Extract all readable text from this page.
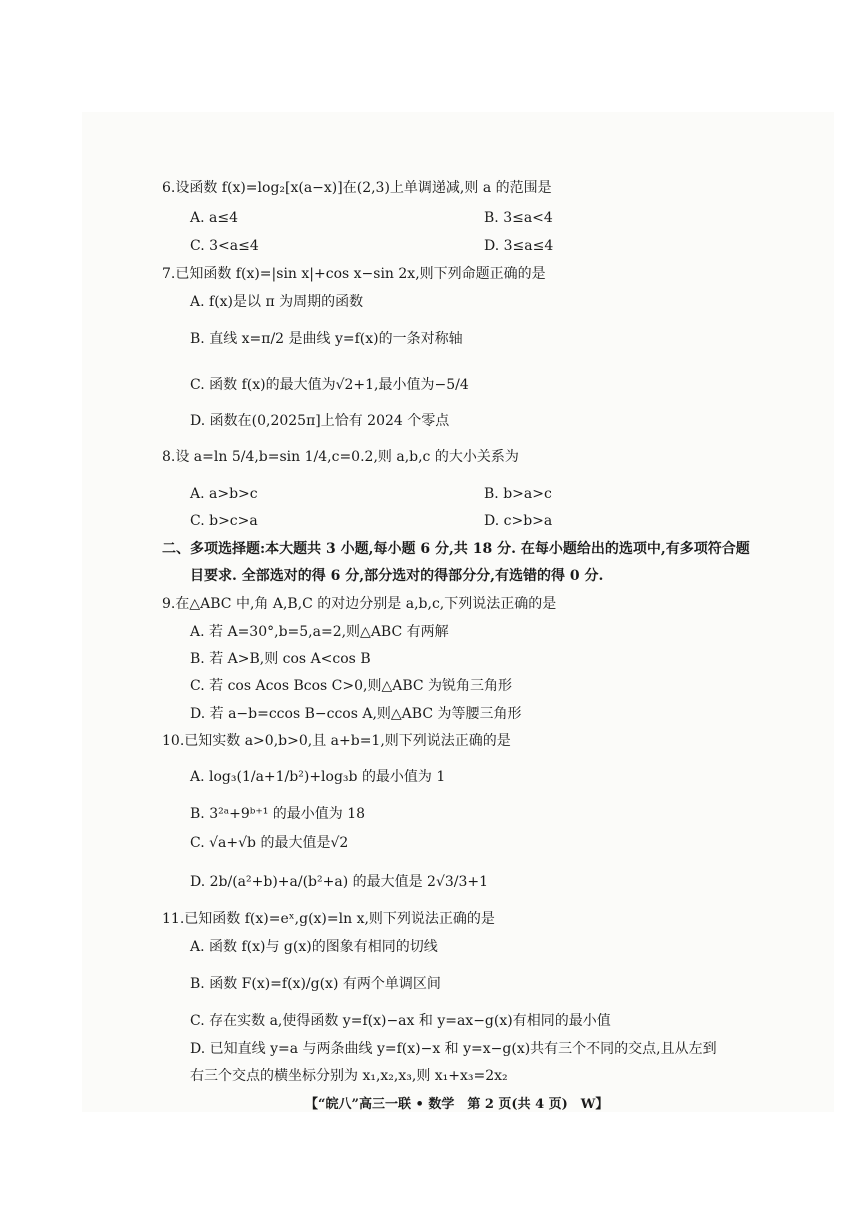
6.设函数 f(x)=log₂[x(a−x)]在(2,3)上单调递减,则 a 的范围是
A. a≤4	B. 3≤a<4
C. 3<a≤4	D. 3≤a≤4
7.已知函数 f(x)=|sin x|+cos x−sin 2x,则下列命题正确的是
A. f(x)是以 π 为周期的函数
B. 直线 x=π/2 是曲线 y=f(x)的一条对称轴
C. 函数 f(x)的最大值为√2+1,最小值为−5/4
D. 函数在(0,2025π]上恰有 2024 个零点
8.设 a=ln 5/4,b=sin 1/4,c=0.2,则 a,b,c 的大小关系为
A. a>b>c	B. b>a>c
C. b>c>a	D. c>b>a
二、多项选择题:本大题共 3 小题,每小题 6 分,共 18 分. 在每小题给出的选项中,有多项符合题
目要求. 全部选对的得 6 分,部分选对的得部分分,有选错的得 0 分.
9.在△ABC 中,角 A,B,C 的对边分别是 a,b,c,下列说法正确的是
A. 若 A=30°,b=5,a=2,则△ABC 有两解
B. 若 A>B,则 cos A<cos B
C. 若 cos Acos Bcos C>0,则△ABC 为锐角三角形
D. 若 a−b=ccos B−ccos A,则△ABC 为等腰三角形
10.已知实数 a>0,b>0,且 a+b=1,则下列说法正确的是
A. log₃(1/a+1/b²)+log₃b 的最小值为 1
B. 3²ᵃ+9ᵇ⁺¹ 的最小值为 18
C. √a+√b 的最大值是√2
D. 2b/(a²+b)+a/(b²+a) 的最大值是 2√3/3+1
11.已知函数 f(x)=eˣ,g(x)=ln x,则下列说法正确的是
A. 函数 f(x)与 g(x)的图象有相同的切线
B. 函数 F(x)=f(x)/g(x) 有两个单调区间
C. 存在实数 a,使得函数 y=f(x)−ax 和 y=ax−g(x)有相同的最小值
D. 已知直线 y=a 与两条曲线 y=f(x)−x 和 y=x−g(x)共有三个不同的交点,且从左到
右三个交点的横坐标分别为 x₁,x₂,x₃,则 x₁+x₃=2x₂
【“皖八”高三一联 • 数学　第 2 页(共 4 页)　W】
